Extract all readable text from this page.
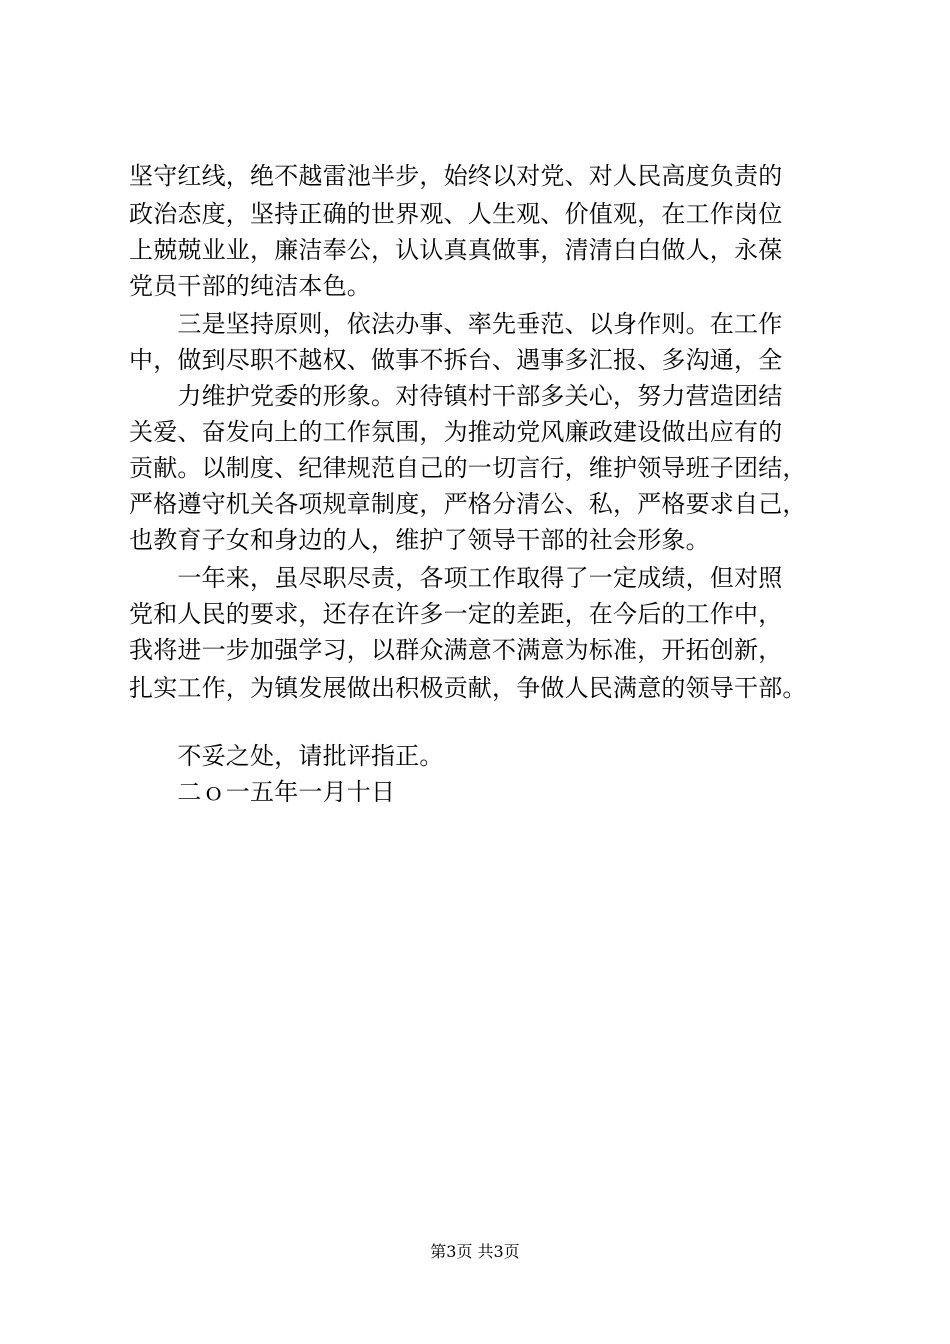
坚守红线，绝不越雷池半步，始终以对党、对人民高度负责的
政治态度，坚持正确的世界观、人生观、价值观，在工作岗位
上兢兢业业，廉洁奉公，认认真真做事，清清白白做人，永葆
党员干部的纯洁本色。
　　三是坚持原则，依法办事、率先垂范、以身作则。在工作
中，做到尽职不越权、做事不拆台、遇事多汇报、多沟通，全
　　力维护党委的形象。对待镇村干部多关心，努力营造团结
关爱、奋发向上的工作氛围，为推动党风廉政建设做出应有的
贡献。以制度、纪律规范自己的一切言行，维护领导班子团结，
严格遵守机关各项规章制度，严格分清公、私，严格要求自己，
也教育子女和身边的人，维护了领导干部的社会形象。
　　一年来，虽尽职尽责，各项工作取得了一定成绩，但对照
党和人民的要求，还存在许多一定的差距，在今后的工作中，
我将进一步加强学习，以群众满意不满意为标准，开拓创新，
扎实工作，为镇发展做出积极贡献，争做人民满意的领导干部。
　　不妥之处，请批评指正。
　　二ｏ一五年一月十日
第3页 共3页
